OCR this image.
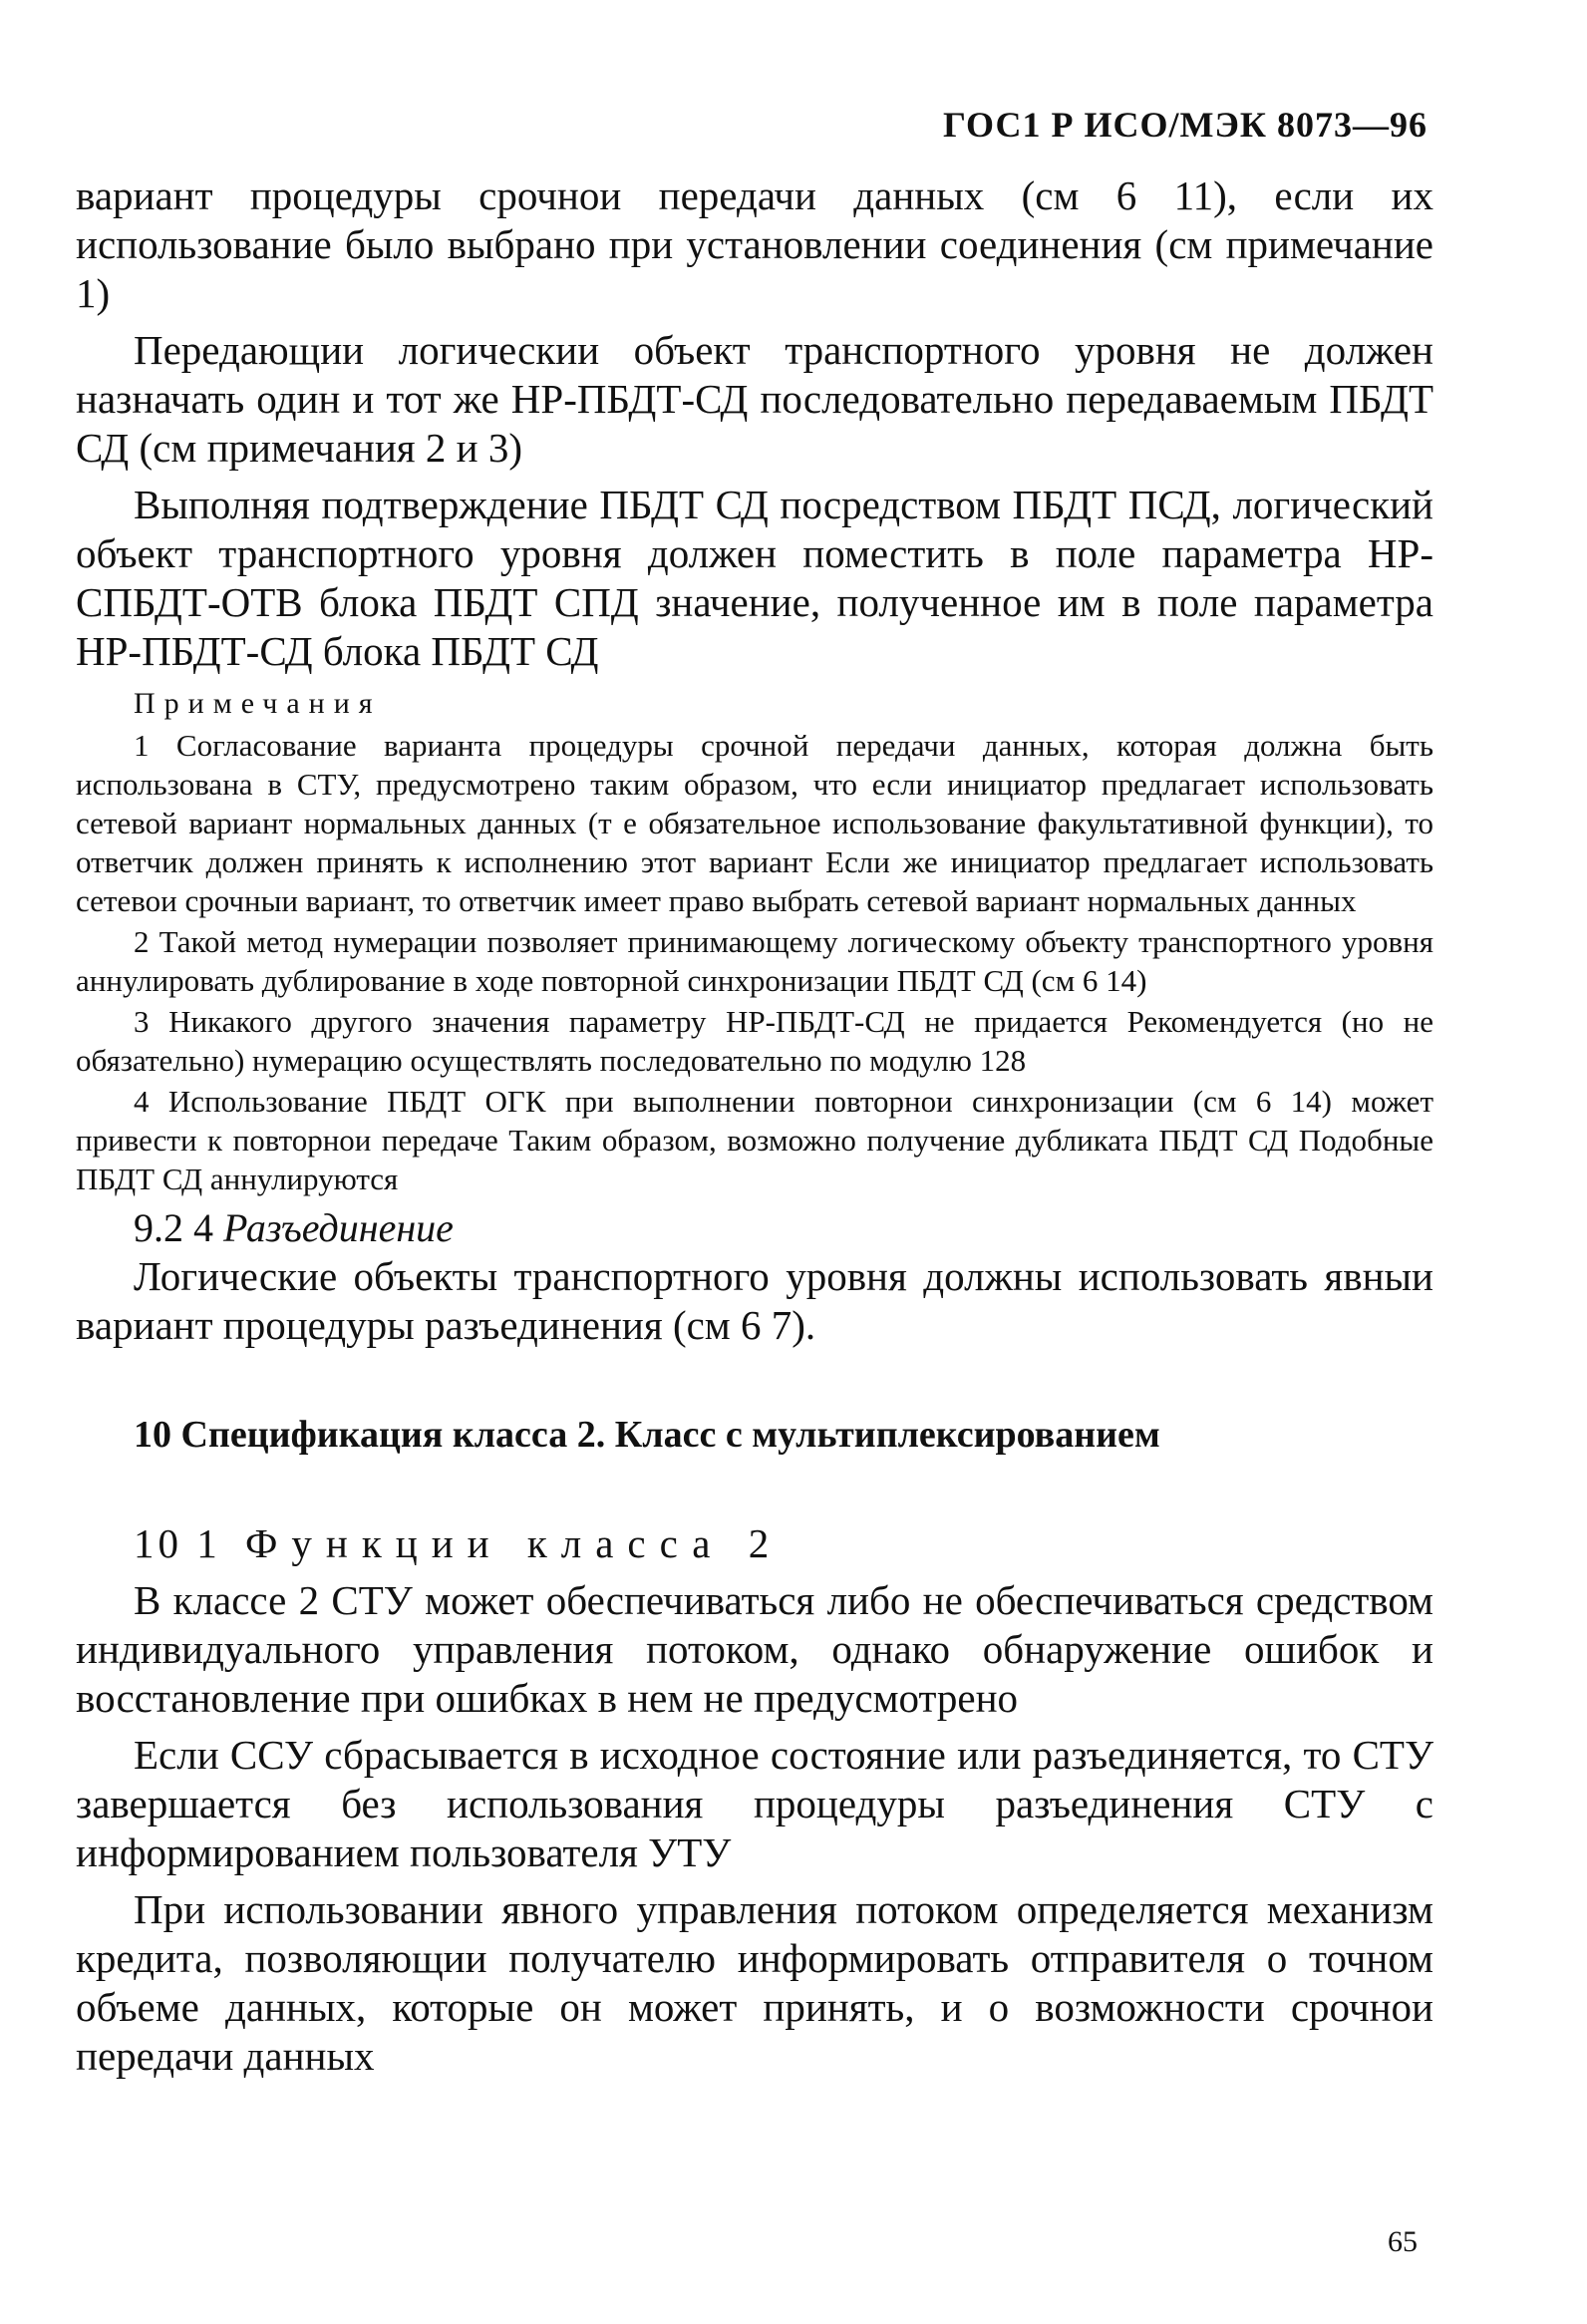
ГОС1 Р ИСО/МЭК 8073—96

вариант процедуры срочнои передачи данных (см 6 11), если их использование было выбрано при установлении соединения (см примечание 1)

Передающии логическии объект транспортного уровня не должен назначать один и тот же НР-ПБДТ-СД последовательно передаваемым ПБДТ СД (см примечания 2 и 3)

Выполняя подтверждение ПБДТ СД посредством ПБДТ ПСД, логический объект транспортного уровня должен поместить в поле параметра НР-СПБДТ-ОТВ блока ПБДТ СПД значение, полученное им в поле параметра НР-ПБДТ-СД блока ПБДТ СД

Примечания

1 Согласование варианта процедуры срочной передачи данных, которая должна быть использована в СТУ, предусмотрено таким образом, что если инициатор предлагает использовать сетевой вариант нормальных данных (т е обязательное использование факультативной функции), то ответчик должен принять к исполнению этот вариант Если же инициатор предлагает использовать сетевои срочныи вариант, то ответчик имеет право выбрать сетевой вариант нормальных данных

2 Такой метод нумерации позволяет принимающему логическому объекту транспортного уровня аннулировать дублирование в ходе повторной синхронизации ПБДТ СД (см 6 14)

3 Никакого другого значения параметру НР-ПБДТ-СД не придается Рекомендуется (но не обязательно) нумерацию осуществлять последовательно по модулю 128

4 Использование ПБДТ ОГК при выполнении повторнои синхронизации (см 6 14) может привести к повторнои передаче Таким образом, возможно получение дубликата ПБДТ СД Подобные ПБДТ СД аннулируются

9.2 4 Разъединение

Логические объекты транспортного уровня должны использовать явныи вариант процедуры разъединения (см 6 7).

10 Спецификация класса 2. Класс с мультиплексированием
10 1 Функции класса 2

В классе 2 СТУ может обеспечиваться либо не обеспечиваться средством индивидуального управления потоком, однако обнаружение ошибок и восстановление при ошибках в нем не предусмотрено

Если ССУ сбрасывается в исходное состояние или разъединяется, то СТУ завершается без использования процедуры разъединения СТУ с информированием пользователя УТУ

При использовании явного управления потоком определяется механизм кредита, позволяющии получателю информировать отправителя о точном объеме данных, которые он может принять, и о возможности срочнои передачи данных

65
